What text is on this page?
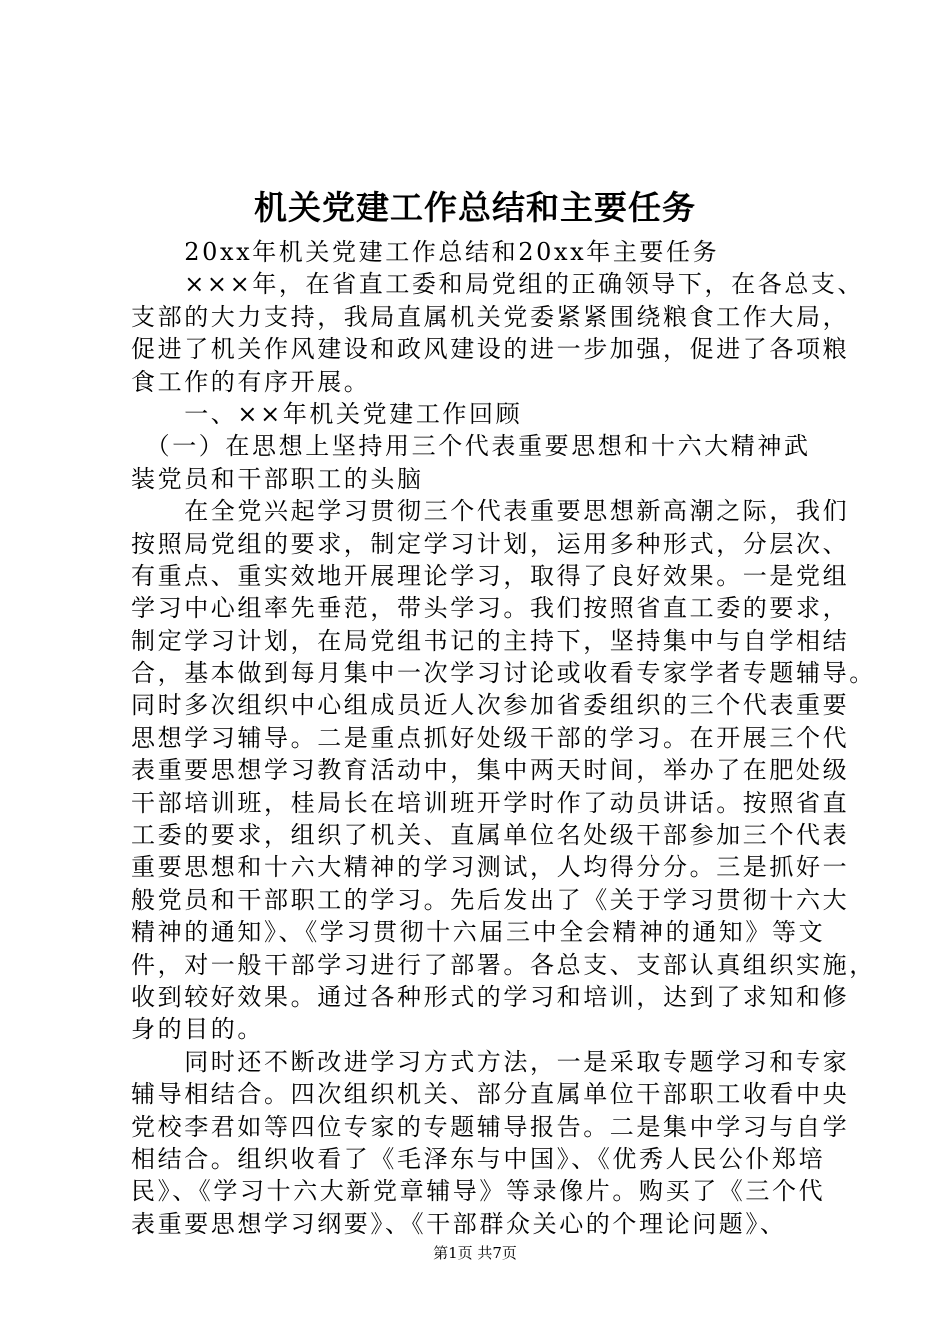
机关党建工作总结和主要任务
　　20xx年机关党建工作总结和20xx年主要任务
　　×××年，在省直工委和局党组的正确领导下，在各总支、
支部的大力支持，我局直属机关党委紧紧围绕粮食工作大局，
促进了机关作风建设和政风建设的进一步加强，促进了各项粮
食工作的有序开展。
　　一、××年机关党建工作回顾
　（一）在思想上坚持用三个代表重要思想和十六大精神武
装党员和干部职工的头脑
　　在全党兴起学习贯彻三个代表重要思想新高潮之际，我们
按照局党组的要求，制定学习计划，运用多种形式，分层次、
有重点、重实效地开展理论学习，取得了良好效果。一是党组
学习中心组率先垂范，带头学习。我们按照省直工委的要求，
制定学习计划，在局党组书记的主持下，坚持集中与自学相结
合，基本做到每月集中一次学习讨论或收看专家学者专题辅导。
同时多次组织中心组成员近人次参加省委组织的三个代表重要
思想学习辅导。二是重点抓好处级干部的学习。在开展三个代
表重要思想学习教育活动中，集中两天时间，举办了在肥处级
干部培训班，桂局长在培训班开学时作了动员讲话。按照省直
工委的要求，组织了机关、直属单位名处级干部参加三个代表
重要思想和十六大精神的学习测试，人均得分分。三是抓好一
般党员和干部职工的学习。先后发出了《关于学习贯彻十六大
精神的通知》、《学习贯彻十六届三中全会精神的通知》等文
件，对一般干部学习进行了部署。各总支、支部认真组织实施，
收到较好效果。通过各种形式的学习和培训，达到了求知和修
身的目的。
　　同时还不断改进学习方式方法，一是采取专题学习和专家
辅导相结合。四次组织机关、部分直属单位干部职工收看中央
党校李君如等四位专家的专题辅导报告。二是集中学习与自学
相结合。组织收看了《毛泽东与中国》、《优秀人民公仆郑培
民》、《学习十六大新党章辅导》等录像片。购买了《三个代
表重要思想学习纲要》、《干部群众关心的个理论问题》、
第1页 共7页
